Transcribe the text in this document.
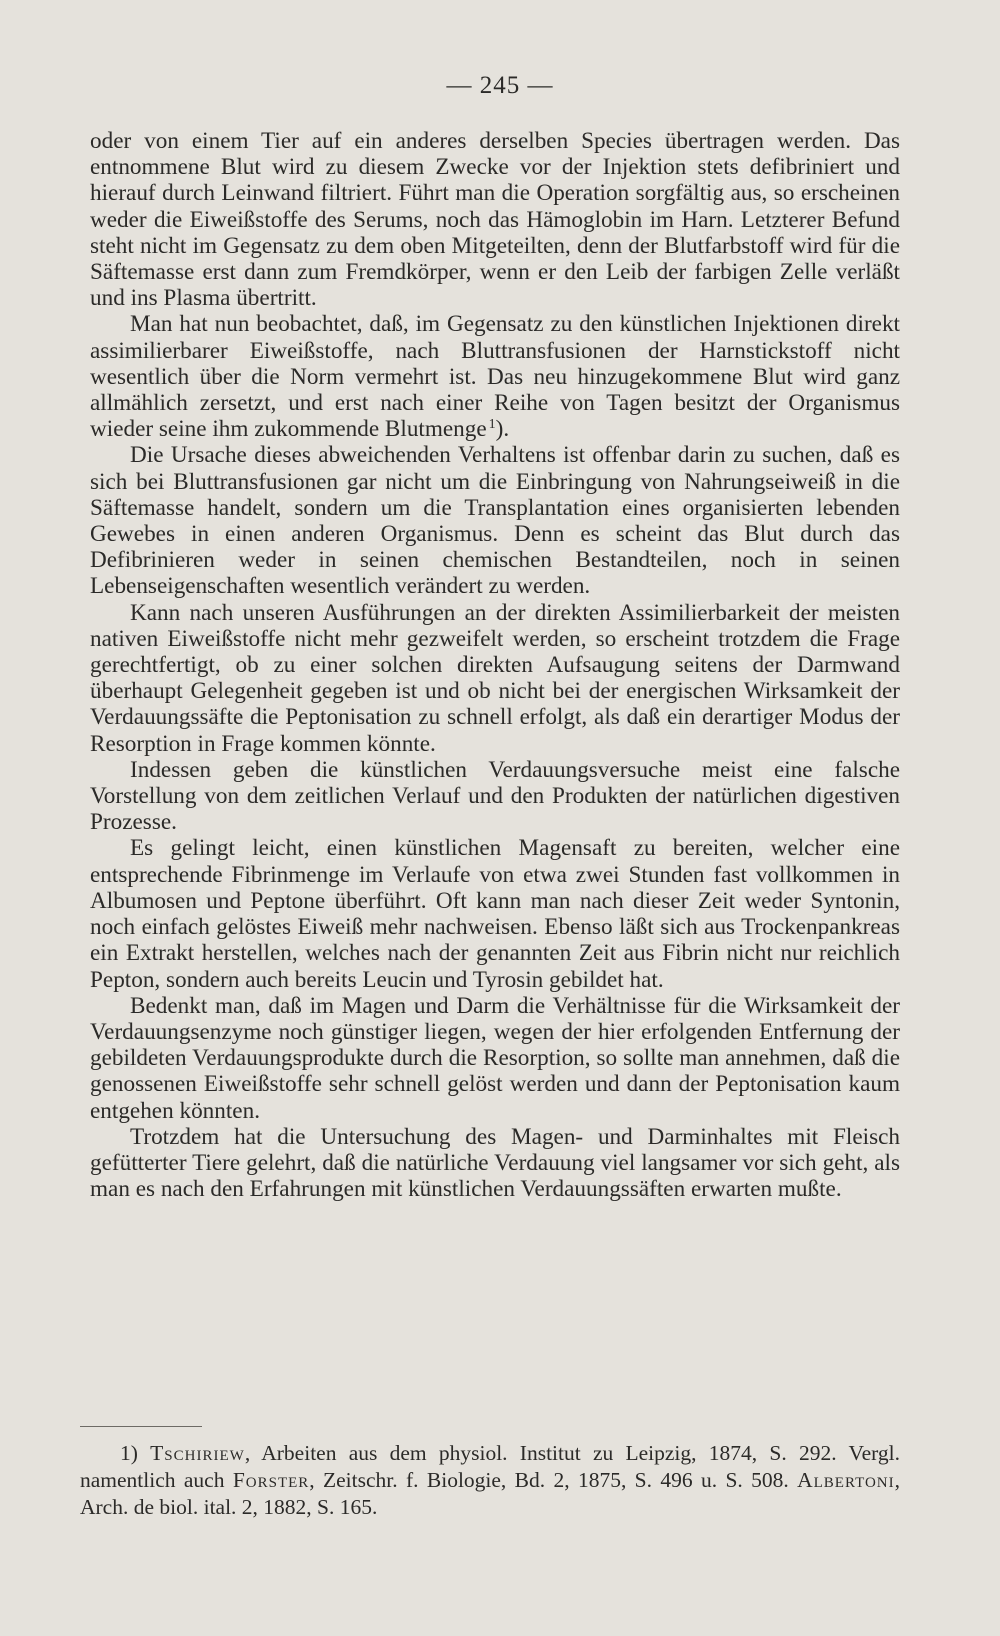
— 245 —

oder von einem Tier auf ein anderes derselben Species übertragen werden. Das entnommene Blut wird zu diesem Zwecke vor der Injektion stets defibriniert und hierauf durch Leinwand filtriert. Führt man die Operation sorgfältig aus, so erscheinen weder die Eiweißstoffe des Serums, noch das Hämoglobin im Harn. Letzterer Befund steht nicht im Gegensatz zu dem oben Mitgeteilten, denn der Blutfarbstoff wird für die Säftemasse erst dann zum Fremdkörper, wenn er den Leib der farbigen Zelle verläßt und ins Plasma übertritt.

Man hat nun beobachtet, daß, im Gegensatz zu den künstlichen Injektionen direkt assimilierbarer Eiweißstoffe, nach Bluttransfusionen der Harnstickstoff nicht wesentlich über die Norm vermehrt ist. Das neu hinzugekommene Blut wird ganz allmählich zersetzt, und erst nach einer Reihe von Tagen besitzt der Organismus wieder seine ihm zukommende Blutmenge  $^1$).

Die Ursache dieses abweichenden Verhaltens ist offenbar darin zu suchen, daß es sich bei Bluttransfusionen gar nicht um die Einbringung von Nahrungseiweiß in die Säftemasse handelt, sondern um die Transplantation eines organisierten lebenden Gewebes in einen anderen Organismus. Denn es scheint das Blut durch das Defibrinieren weder in seinen chemischen Bestandteilen, noch in seinen Lebenseigenschaften wesentlich verändert zu werden.

Kann nach unseren Ausführungen an der direkten Assimilierbarkeit der meisten nativen Eiweißstoffe nicht mehr gezweifelt werden, so erscheint trotzdem die Frage gerechtfertigt, ob zu einer solchen direkten Aufsaugung seitens der Darmwand überhaupt Gelegenheit gegeben ist und ob nicht bei der energischen Wirksamkeit der Verdauungssäfte die Peptonisation zu schnell erfolgt, als daß ein derartiger Modus der Resorption in Frage kommen könnte.

Indessen geben die künstlichen Verdauungsversuche meist eine falsche Vorstellung von dem zeitlichen Verlauf und den Produkten der natürlichen digestiven Prozesse.

Es gelingt leicht, einen künstlichen Magensaft zu bereiten, welcher eine entsprechende Fibrinmenge im Verlaufe von etwa zwei Stunden fast vollkommen in Albumosen und Peptone überführt. Oft kann man nach dieser Zeit weder Syntonin, noch einfach gelöstes Eiweiß mehr nachweisen. Ebenso läßt sich aus Trockenpankreas ein Extrakt herstellen, welches nach der genannten Zeit aus Fibrin nicht nur reichlich Pepton, sondern auch bereits Leucin und Tyrosin gebildet hat.

Bedenkt man, daß im Magen und Darm die Verhältnisse für die Wirksamkeit der Verdauungsenzyme noch günstiger liegen, wegen der hier erfolgenden Entfernung der gebildeten Verdauungsprodukte durch die Resorption, so sollte man annehmen, daß die genossenen Eiweißstoffe sehr schnell gelöst werden und dann der Peptonisation kaum entgehen könnten.

Trotzdem hat die Untersuchung des Magen- und Darminhaltes mit Fleisch gefütterter Tiere gelehrt, daß die natürliche Verdauung viel langsamer vor sich geht, als man es nach den Erfahrungen mit künstlichen Verdauungssäften erwarten mußte.

1) Tschiriew, Arbeiten aus dem physiol. Institut zu Leipzig, 1874, S. 292. Vergl. namentlich auch Forster, Zeitschr. f. Biologie, Bd. 2, 1875, S. 496 u. S. 508. Albertoni, Arch. de biol. ital. 2, 1882, S. 165.
